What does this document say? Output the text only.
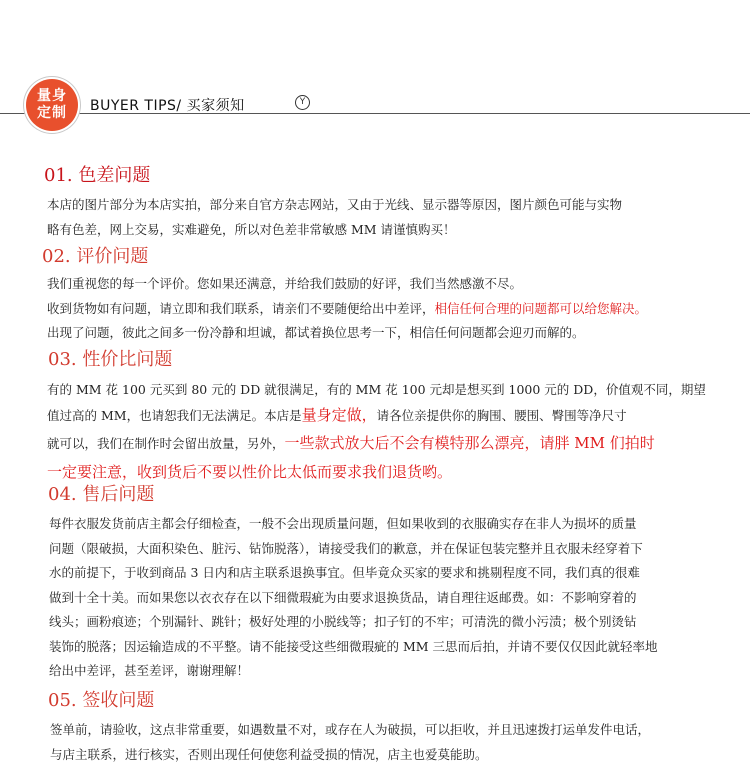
量身
定制	BUYER TIPS/ 买家须知	Y
01. 色差问题

本店的图片部分为本店实拍，部分来自官方杂志网站，又由于光线、显示器等原因，图片颜色可能与实物

略有色差，网上交易，实难避免，所以对色差非常敏感 MM 请谨慎购买！

02. 评价问题

我们重视您的每一个评价。您如果还满意，并给我们鼓励的好评，我们当然感激不尽。

收到货物如有问题，请立即和我们联系，请亲们不要随便给出中差评，相信任何合理的问题都可以给您解决。

出现了问题，彼此之间多一份冷静和坦诚，都试着换位思考一下，相信任何问题都会迎刃而解的。

03. 性价比问题

有的 MM 花 100 元买到 80 元的 DD 就很满足，有的 MM 花 100 元却是想买到 1000 元的 DD，价值观不同，期望

值过高的 MM，也请恕我们无法满足。本店是量身定做，请各位亲提供你的胸围、腰围、臀围等净尺寸

就可以，我们在制作时会留出放量，另外，一些款式放大后不会有模特那么漂亮，请胖 MM 们拍时

一定要注意，收到货后不要以性价比太低而要求我们退货哟。

04. 售后问题

每件衣服发货前店主都会仔细检查，一般不会出现质量问题，但如果收到的衣服确实存在非人为损坏的质量

问题（限破损，大面积染色、脏污、钻饰脱落），请接受我们的歉意，并在保证包装完整并且衣服未经穿着下

水的前提下，于收到商品 3 日内和店主联系退换事宜。但毕竟众买家的要求和挑剔程度不同，我们真的很难

做到十全十美。而如果您以衣衣存在以下细微瑕疵为由要求退换货品，请自理往返邮费。如：不影响穿着的

线头；画粉痕迹；个别漏针、跳针；极好处理的小脱线等；扣子钉的不牢；可清洗的微小污渍；极个别烫钻

装饰的脱落；因运输造成的不平整。请不能接受这些细微瑕疵的 MM 三思而后拍，并请不要仅仅因此就轻率地

给出中差评，甚至差评，谢谢理解！

05. 签收问题

签单前，请验收，这点非常重要，如遇数量不对，或存在人为破损，可以拒收，并且迅速拨打运单发件电话，

与店主联系，进行核实，否则出现任何使您利益受损的情况，店主也爱莫能助。
